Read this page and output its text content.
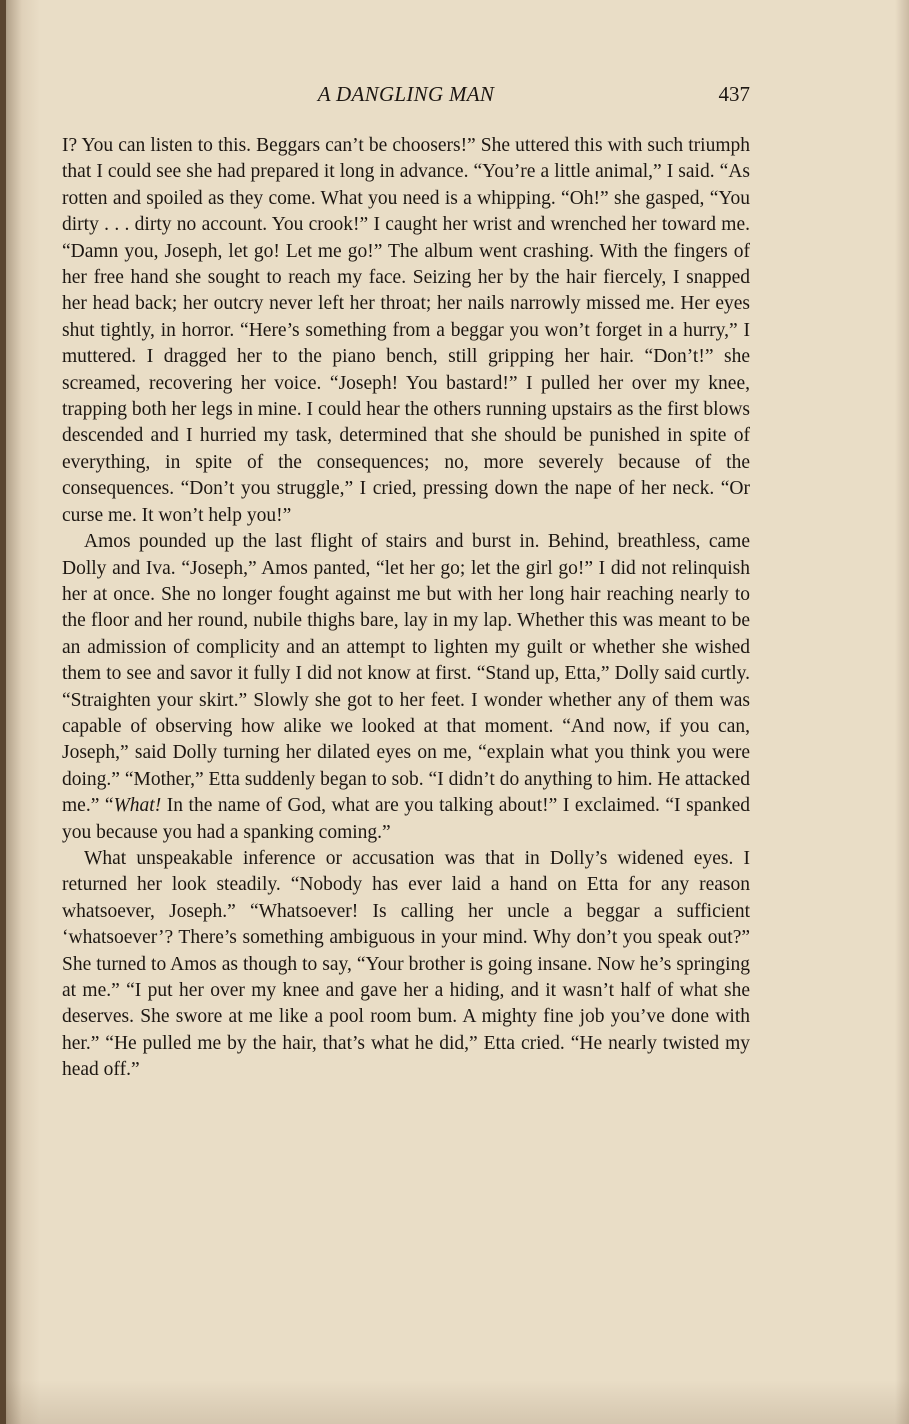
A DANGLING MAN	437

I? You can listen to this. Beggars can’t be choosers!” She uttered this with such triumph that I could see she had prepared it long in advance. “You’re a little animal,” I said. “As rotten and spoiled as they come. What you need is a whipping. “Oh!” she gasped, “You dirty . . . dirty no account. You crook!” I caught her wrist and wrenched her toward me. “Damn you, Joseph, let go! Let me go!” The album went crashing. With the fingers of her free hand she sought to reach my face. Seizing her by the hair fiercely, I snapped her head back; her outcry never left her throat; her nails narrowly missed me. Her eyes shut tightly, in horror. “Here’s something from a beggar you won’t forget in a hurry,” I muttered. I dragged her to the piano bench, still gripping her hair. “Don’t!” she screamed, recovering her voice. “Joseph! You bastard!” I pulled her over my knee, trapping both her legs in mine. I could hear the others running upstairs as the first blows descended and I hurried my task, determined that she should be punished in spite of everything, in spite of the consequences; no, more severely because of the consequences. “Don’t you struggle,” I cried, pressing down the nape of her neck. “Or curse me. It won’t help you!”

Amos pounded up the last flight of stairs and burst in. Behind, breathless, came Dolly and Iva. “Joseph,” Amos panted, “let her go; let the girl go!” I did not relinquish her at once. She no longer fought against me but with her long hair reaching nearly to the floor and her round, nubile thighs bare, lay in my lap. Whether this was meant to be an admission of complicity and an attempt to lighten my guilt or whether she wished them to see and savor it fully I did not know at first. “Stand up, Etta,” Dolly said curtly. “Straighten your skirt.” Slowly she got to her feet. I wonder whether any of them was capable of observing how alike we looked at that moment. “And now, if you can, Joseph,” said Dolly turning her dilated eyes on me, “explain what you think you were doing.” “Mother,” Etta suddenly began to sob. “I didn’t do anything to him. He attacked me.” “What! In the name of God, what are you talking about!” I exclaimed. “I spanked you because you had a spanking coming.”

What unspeakable inference or accusation was that in Dolly’s widened eyes. I returned her look steadily. “Nobody has ever laid a hand on Etta for any reason whatsoever, Joseph.” “Whatsoever! Is calling her uncle a beggar a sufficient ‘whatsoever’? There’s something ambiguous in your mind. Why don’t you speak out?” She turned to Amos as though to say, “Your brother is going insane. Now he’s springing at me.” “I put her over my knee and gave her a hiding, and it wasn’t half of what she deserves. She swore at me like a pool room bum. A mighty fine job you’ve done with her.” “He pulled me by the hair, that’s what he did,” Etta cried. “He nearly twisted my head off.”
